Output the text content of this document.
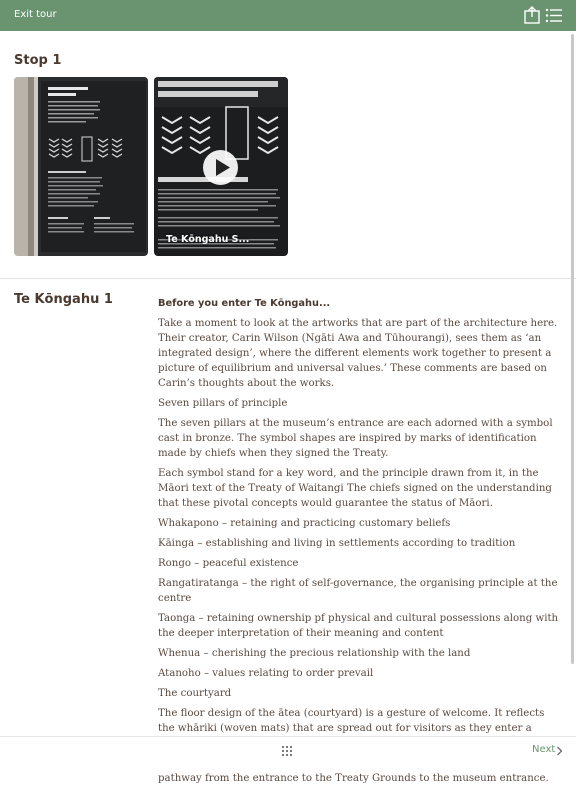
Exit tour
Stop 1
Te Kōngahu S...
Te Kōngahu 1	Before you enter Te Kōngahu...

Take a moment to look at the artworks that are part of the architecture here. Their creator, Carin Wilson (Ngāti Awa and Tūhourangi), sees them as ‘an integrated design’, where the different elements work together to present a picture of equilibrium and universal values.’ These comments are based on Carin’s thoughts about the works.

Seven pillars of principle

The seven pillars at the museum’s entrance are each adorned with a symbol cast in bronze. The symbol shapes are inspired by marks of identification made by chiefs when they signed the Treaty.

Each symbol stand for a key word, and the principle drawn from it, in the Māori text of the Treaty of Waitangi The chiefs signed on the understanding that these pivotal concepts would guarantee the status of Māori.

Whakapono – retaining and practicing customary beliefs

Kāinga – establishing and living in settlements according to tradition

Rongo – peaceful existence

Rangatiratanga – the right of self-governance, the organising principle at the centre

Taonga – retaining ownership pf physical and cultural possessions along with the deeper interpretation of their meaning and content

Whenua – cherishing the precious relationship with the land

Atanoho – values relating to order prevail

The courtyard

The floor design of the ātea (courtyard) is a gesture of welcome. It reflects the whāriki (woven mats) that are spread out for visitors as they enter a

pathway from the entrance to the Treaty Grounds to the museum entrance.

Next
